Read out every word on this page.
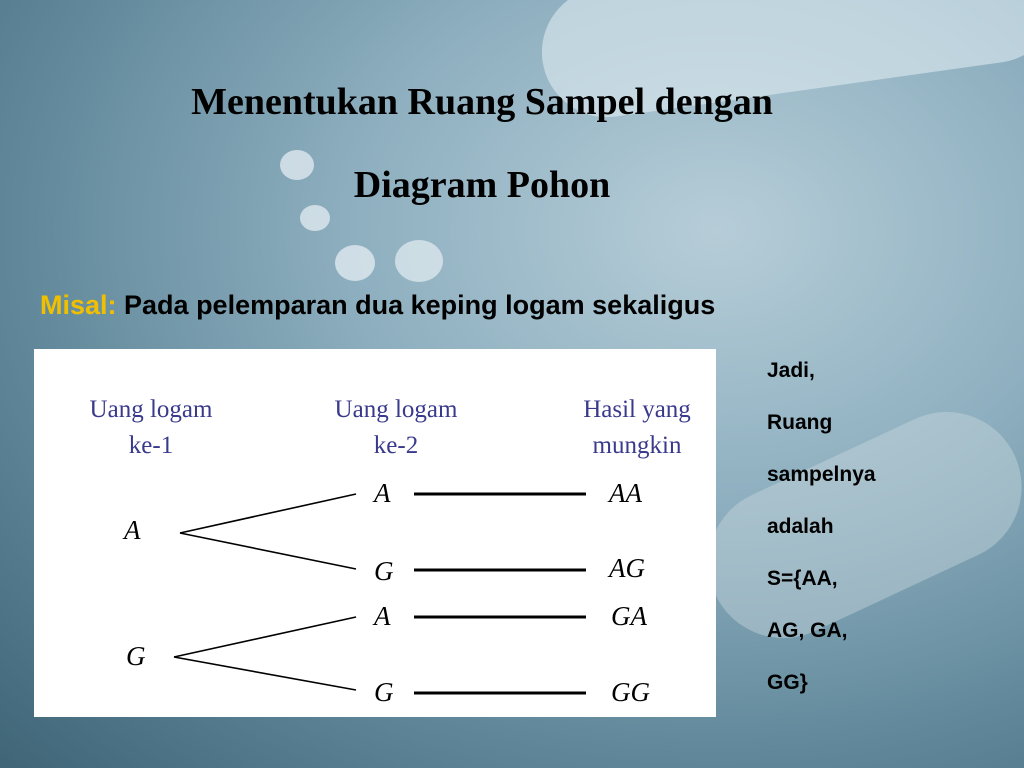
Menentukan Ruang Sampel dengan
Diagram Pohon
Misal: Pada pelemparan dua keping logam sekaligus
Uang logam
ke-1
Uang logam
ke-2
Hasil yang
mungkin
A
G
A
G
A
G
AA
AG
GA
GG
Jadi,
Ruang
sampelnya
adalah
S={AA,
AG, GA,
GG}
